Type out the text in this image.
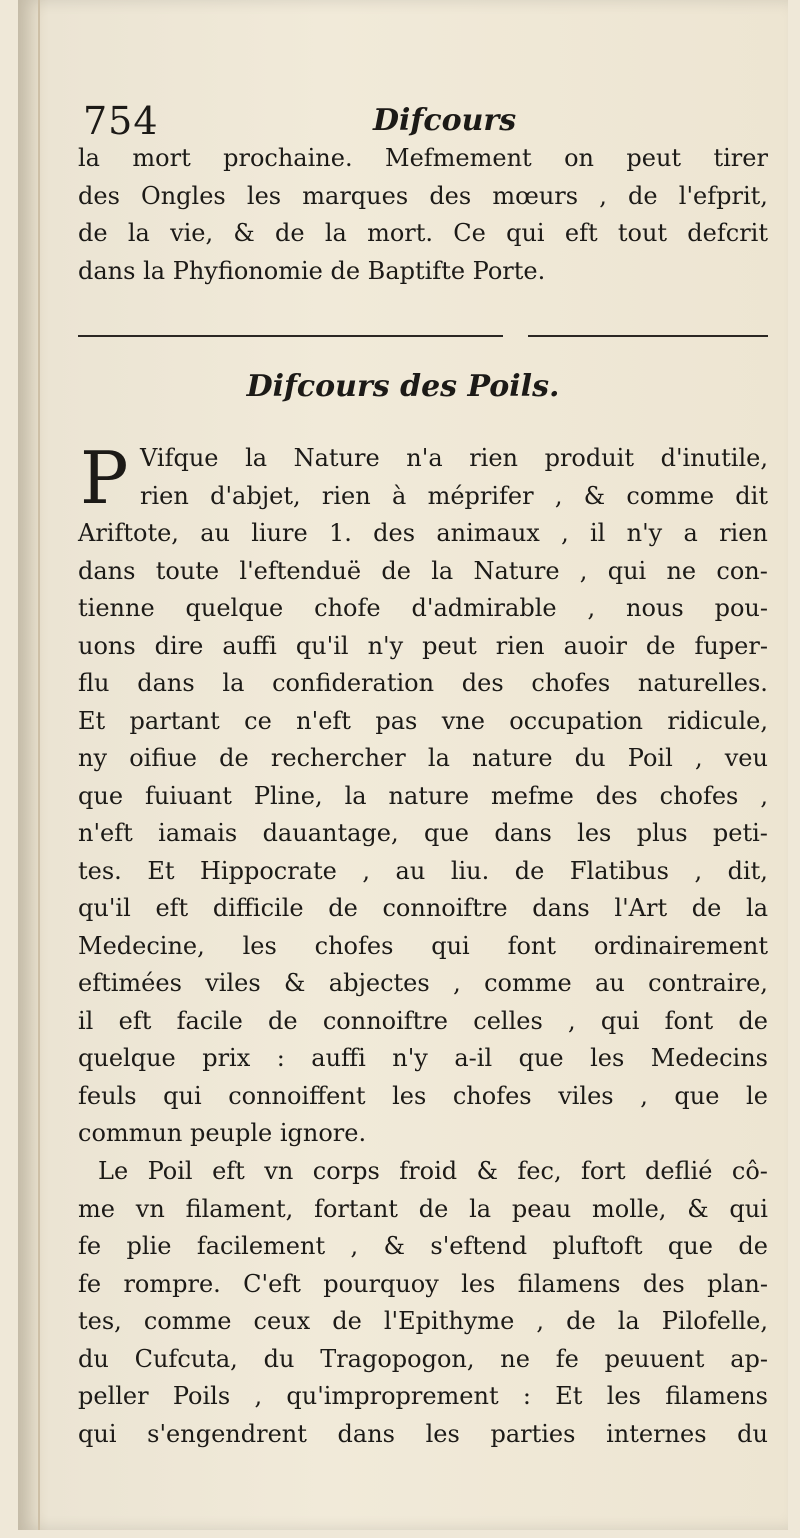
754	Difcours
la mort prochaine. Mefmement on peut tirer
des Ongles les marques des mœurs , de l'efprit,
de la vie, & de la mort. Ce qui eft tout defcrit
dans la Phyfionomie de Baptifte Porte.
Difcours des Poils.
P Vifque la Nature n'a rien produit d'inutile,
rien d'abjet, rien à méprifer , & comme dit
Ariftote, au liure 1. des animaux , il n'y a rien
dans toute l'eftenduë de la Nature , qui ne con-
tienne quelque chofe d'admirable , nous pou-
uons dire auffi qu'il n'y peut rien auoir de fuper-
flu dans la confideration des chofes naturelles.
Et partant ce n'eft pas vne occupation ridicule,
ny oifiue de rechercher la nature du Poil , veu
que fuiuant Pline, la nature mefme des chofes ,
n'eft iamais dauantage, que dans les plus peti-
tes. Et Hippocrate , au liu. de Flatibus , dit,
qu'il eft difficile de connoiftre dans l'Art de la
Medecine, les chofes qui font ordinairement
eftimées viles & abjectes , comme au contraire,
il eft facile de connoiftre celles , qui font de
quelque prix : auffi n'y a-il que les Medecins
feuls qui connoiffent les chofes viles , que le
commun peuple ignore.
Le Poil eft vn corps froid & fec, fort deflié cô-
me vn filament, fortant de la peau molle, & qui
fe plie facilement , & s'eftend pluftoft que de
fe rompre. C'eft pourquoy les filamens des plan-
tes, comme ceux de l'Epithyme , de la Pilofelle,
du Cufcuta, du Tragopogon, ne fe peuuent ap-
peller Poils , qu'improprement : Et les filamens
qui s'engendrent dans les parties internes du
